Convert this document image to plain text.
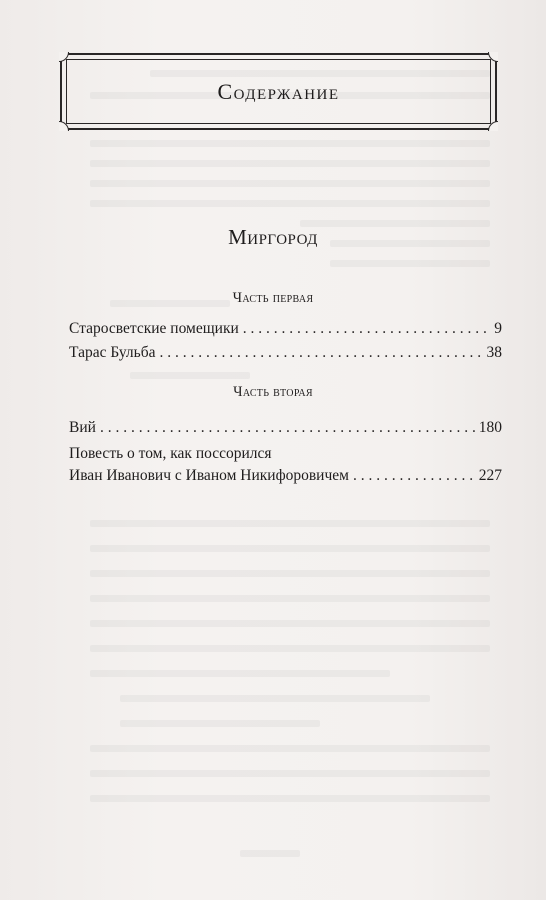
Содержание
Миргород
Часть первая
Старосветские помещики . . .	9
Тарас Бульба . . .	38
Часть вторая
Вий . . .	180
Повесть о том, как поссорился
Иван Иванович с Иваном Никифоровичем . . .	227
